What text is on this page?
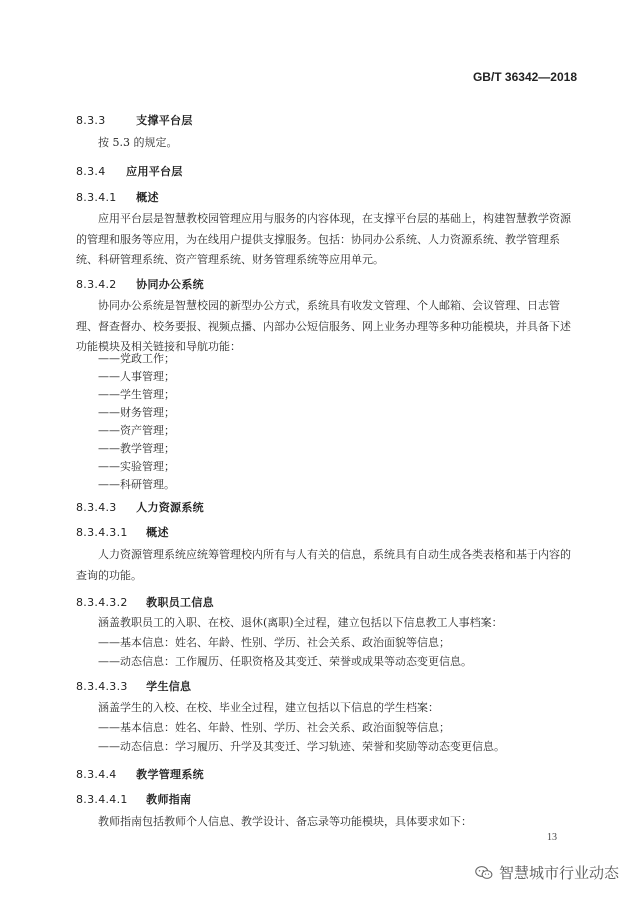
GB/T 36342—2018
8.3.3	支撑平台层
按 5.3 的规定。
8.3.4 应用平台层
8.3.4.1 概述
应用平台层是智慧教校园管理应用与服务的内容体现，在支撑平台层的基础上，构建智慧教学资源的管理和服务等应用，为在线用户提供支撑服务。包括：协同办公系统、人力资源系统、教学管理系统、科研管理系统、资产管理系统、财务管理系统等应用单元。
8.3.4.2 协同办公系统
协同办公系统是智慧校园的新型办公方式，系统具有收发文管理、个人邮箱、会议管理、日志管理、督查督办、校务要报、视频点播、内部办公短信服务、网上业务办理等多种功能模块，并具备下述功能模块及相关链接和导航功能：
——党政工作；
——人事管理；
——学生管理；
——财务管理；
——资产管理；
——教学管理；
——实验管理；
——科研管理。
8.3.4.3 人力资源系统
8.3.4.3.1 概述
人力资源管理系统应统筹管理校内所有与人有关的信息，系统具有自动生成各类表格和基于内容的查询的功能。
8.3.4.3.2 教职员工信息
涵盖教职员工的入职、在校、退休(离职)全过程，建立包括以下信息教工人事档案：
——基本信息：姓名、年龄、性别、学历、社会关系、政治面貌等信息；
——动态信息：工作履历、任职资格及其变迁、荣誉或成果等动态变更信息。
8.3.4.3.3 学生信息
涵盖学生的入校、在校、毕业全过程，建立包括以下信息的学生档案：
——基本信息：姓名、年龄、性别、学历、社会关系、政治面貌等信息；
——动态信息：学习履历、升学及其变迁、学习轨迹、荣誉和奖励等动态变更信息。
8.3.4.4 教学管理系统
8.3.4.4.1 教师指南
教师指南包括教师个人信息、教学设计、备忘录等功能模块，具体要求如下：
13
智慧城市行业动态
